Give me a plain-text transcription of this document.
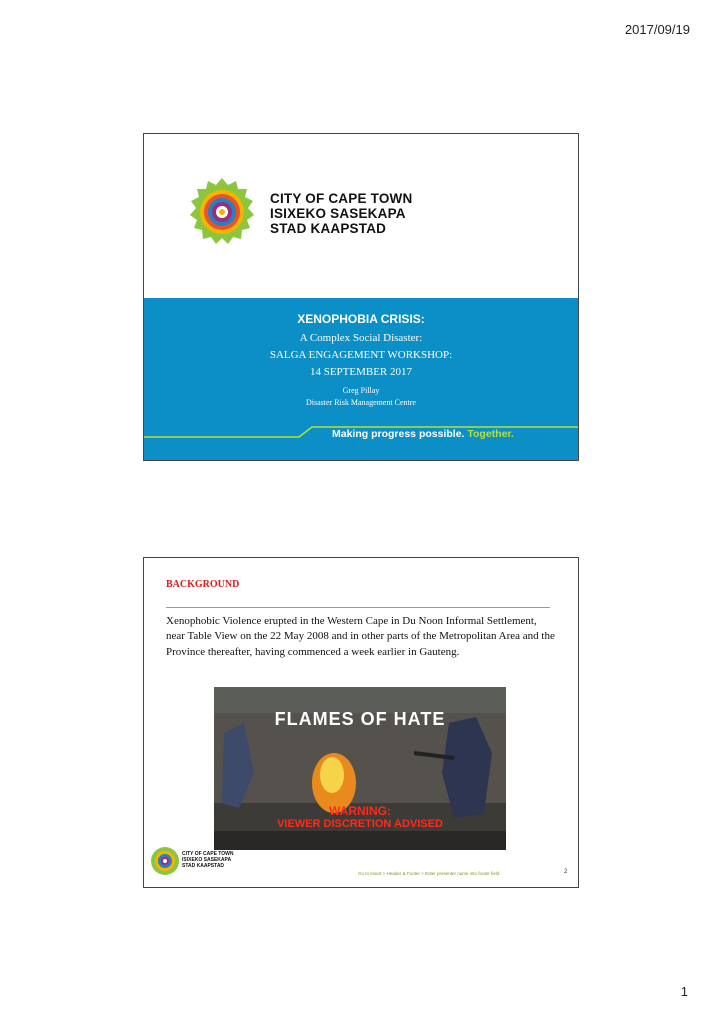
2017/09/19
CITY OF CAPE TOWN
ISIXEKO SASEKAPA
STAD KAAPSTAD
XENOPHOBIA CRISIS:
A Complex Social Disaster:
SALGA ENGAGEMENT WORKSHOP:
14 SEPTEMBER 2017
Greg Pillay
Disaster Risk Management Centre
Making progress possible. Together.
BACKGROUND
Xenophobic Violence erupted in the Western Cape in Du Noon Informal Settlement, near Table View on the 22 May 2008 and in other parts of the Metropolitan Area and the Province thereafter, having commenced a week earlier in Gauteng.
FLAMES OF HATE
WARNING:
VIEWER DISCRETION ADVISED
CITY OF CAPE TOWN
ISIXEKO SASEKAPA
STAD KAAPSTAD
Go to Insert > Header & Footer > Enter presenter name into footer field	2
1
